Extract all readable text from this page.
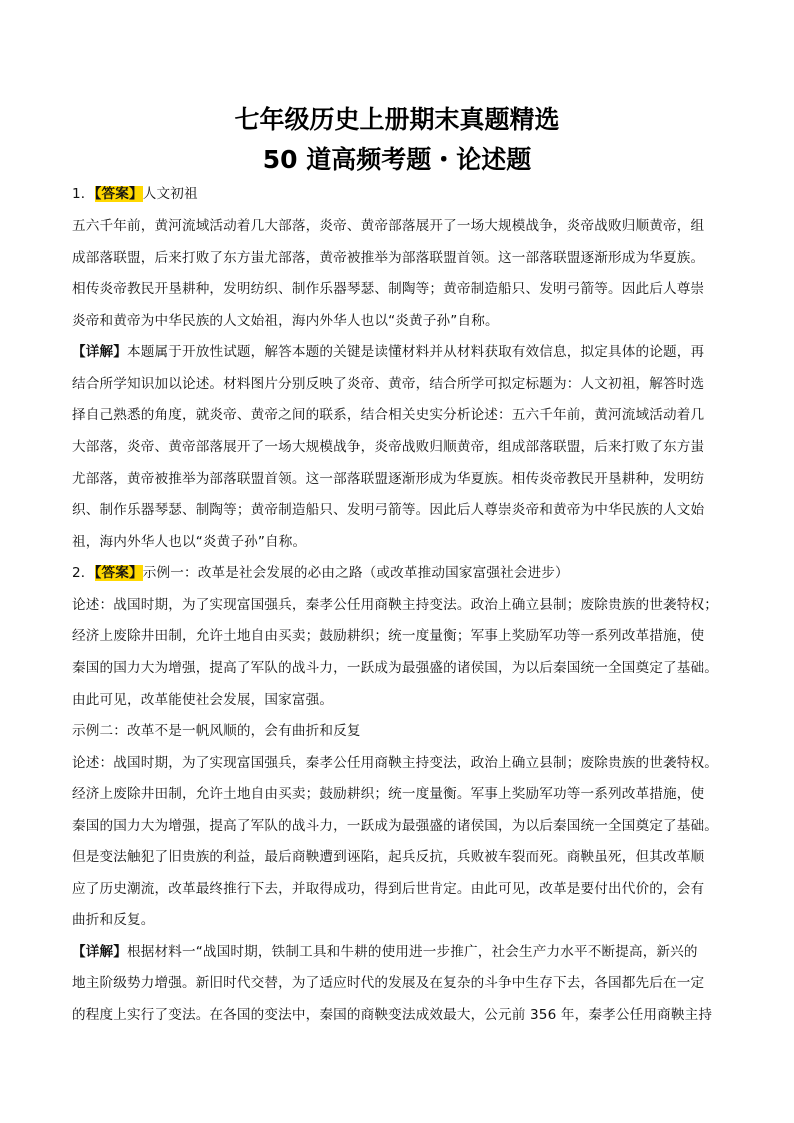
七年级历史上册期末真题精选
50 道高频考题・论述题
1．【答案】人文初祖
五六千年前，黄河流域活动着几大部落，炎帝、黄帝部落展开了一场大规模战争，炎帝战败归顺黄帝，组
成部落联盟，后来打败了东方蚩尤部落，黄帝被推举为部落联盟首领。这一部落联盟逐渐形成为华夏族。
相传炎帝教民开垦耕种，发明纺织、制作乐器琴瑟、制陶等；黄帝制造船只、发明弓箭等。因此后人尊崇
炎帝和黄帝为中华民族的人文始祖，海内外华人也以“炎黄子孙”自称。
【详解】本题属于开放性试题，解答本题的关键是读懂材料并从材料获取有效信息，拟定具体的论题，再
结合所学知识加以论述。材料图片分别反映了炎帝、黄帝，结合所学可拟定标题为：人文初祖，解答时选
择自己熟悉的角度，就炎帝、黄帝之间的联系，结合相关史实分析论述：五六千年前，黄河流域活动着几
大部落，炎帝、黄帝部落展开了一场大规模战争，炎帝战败归顺黄帝，组成部落联盟，后来打败了东方蚩
尤部落，黄帝被推举为部落联盟首领。这一部落联盟逐渐形成为华夏族。相传炎帝教民开垦耕种，发明纺
织、制作乐器琴瑟、制陶等；黄帝制造船只、发明弓箭等。因此后人尊崇炎帝和黄帝为中华民族的人文始
祖，海内外华人也以“炎黄子孙”自称。
2．【答案】示例一：改革是社会发展的必由之路（或改革推动国家富强社会进步）
论述：战国时期，为了实现富国强兵，秦孝公任用商鞅主持变法。政治上确立县制；废除贵族的世袭特权；
经济上废除井田制，允许土地自由买卖；鼓励耕织；统一度量衡；军事上奖励军功等一系列改革措施，使
秦国的国力大为增强，提高了军队的战斗力，一跃成为最强盛的诸侯国，为以后秦国统一全国奠定了基础。
由此可见，改革能使社会发展，国家富强。
示例二：改革不是一帆风顺的，会有曲折和反复
论述：战国时期，为了实现富国强兵，秦孝公任用商鞅主持变法，政治上确立县制；废除贵族的世袭特权。
经济上废除井田制，允许土地自由买卖；鼓励耕织；统一度量衡。军事上奖励军功等一系列改革措施，使
秦国的国力大为增强，提高了军队的战斗力，一跃成为最强盛的诸侯国，为以后秦国统一全国奠定了基础。
但是变法触犯了旧贵族的利益，最后商鞅遭到诬陷，起兵反抗，兵败被车裂而死。商鞅虽死，但其改革顺
应了历史潮流，改革最终推行下去，并取得成功，得到后世肯定。由此可见，改革是要付出代价的，会有
曲折和反复。
【详解】根据材料一“战国时期，铁制工具和牛耕的使用进一步推广，社会生产力水平不断提高，新兴的
地主阶级势力增强。新旧时代交替，为了适应时代的发展及在复杂的斗争中生存下去，各国都先后在一定
的程度上实行了变法。在各国的变法中，秦国的商鞅变法成效最大，公元前 356 年，秦孝公任用商鞅主持
